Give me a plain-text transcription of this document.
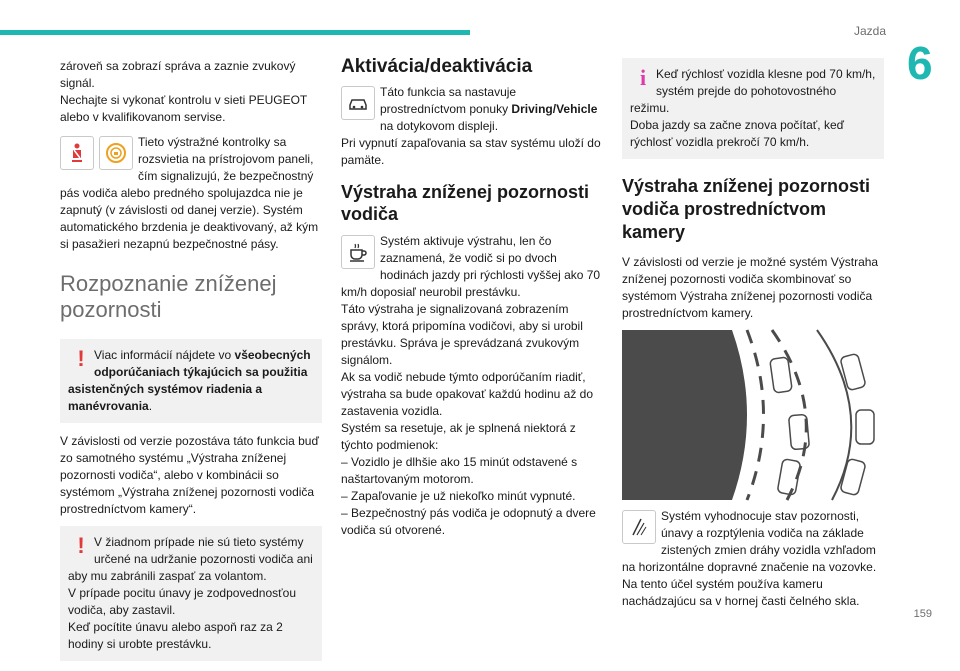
Jazda
6
159

zároveň sa zobrazí správa a zaznie zvukový signál.

Nechajte si vykonať kontrolu v sieti PEUGEOT alebo v kvalifikovanom servise.

Tieto výstražné kontrolky sa rozsvietia na prístrojovom paneli, čím signalizujú, že bezpečnostný pás vodiča alebo predného spolujazdca nie je zapnutý (v závislosti od danej verzie). Systém automatického brzdenia je deaktivovaný, až kým si pasažieri nezapnú bezpečnostné pásy.

Rozpoznanie zníženej pozornosti
! Viac informácií nájdete vo všeobecných odporúčaniach týkajúcich sa použitia asistenčných systémov riadenia a manévrovania.

V závislosti od verzie pozostáva táto funkcia buď zo samotného systému „Výstraha zníženej pozornosti vodiča“, alebo v kombinácii so systémom „Výstraha zníženej pozornosti vodiča prostredníctvom kamery“.

! V žiadnom prípade nie sú tieto systémy určené na udržanie pozornosti vodiča ani aby mu zabránili zaspať za volantom.

V prípade pocitu únavy je zodpovednosťou vodiča, aby zastavil.

Keď pocítite únavu alebo aspoň raz za 2 hodiny si urobte prestávku.

Aktivácia/deaktivácia

Táto funkcia sa nastavuje prostredníctvom ponuky Driving/Vehicle na dotykovom displeji.

Pri vypnutí zapaľovania sa stav systému uloží do pamäte.

Výstraha zníženej pozornosti vodiča

Systém aktivuje výstrahu, len čo zaznamená, že vodič si po dvoch hodinách jazdy pri rýchlosti vyššej ako 70 km/h doposiaľ neurobil prestávku.

Táto výstraha je signalizovaná zobrazením správy, ktorá pripomína vodičovi, aby si urobil prestávku. Správa je sprevádzaná zvukovým signálom.

Ak sa vodič nebude týmto odporúčaním riadiť, výstraha sa bude opakovať každú hodinu až do zastavenia vozidla.

Systém sa resetuje, ak je splnená niektorá z týchto podmienok:

– Vozidlo je dlhšie ako 15 minút odstavené s naštartovaným motorom.

– Zapaľovanie je už niekoľko minút vypnuté.

– Bezpečnostný pás vodiča je odopnutý a dvere vodiča sú otvorené.

i Keď rýchlosť vozidla klesne pod 70 km/h, systém prejde do pohotovostného režimu.

Doba jazdy sa začne znova počítať, keď rýchlosť vozidla prekročí 70 km/h.

Výstraha zníženej pozornosti vodiča prostredníctvom kamery

V závislosti od verzie je možné systém Výstraha zníženej pozornosti vodiča skombinovať so systémom Výstraha zníženej pozornosti vodiča prostredníctvom kamery.

Systém vyhodnocuje stav pozornosti, únavy a rozptýlenia vodiča na základe zistených zmien dráhy vozidla vzhľadom na horizontálne dopravné značenie na vozovke.

Na tento účel systém používa kameru nachádzajúcu sa v hornej časti čelného skla.
